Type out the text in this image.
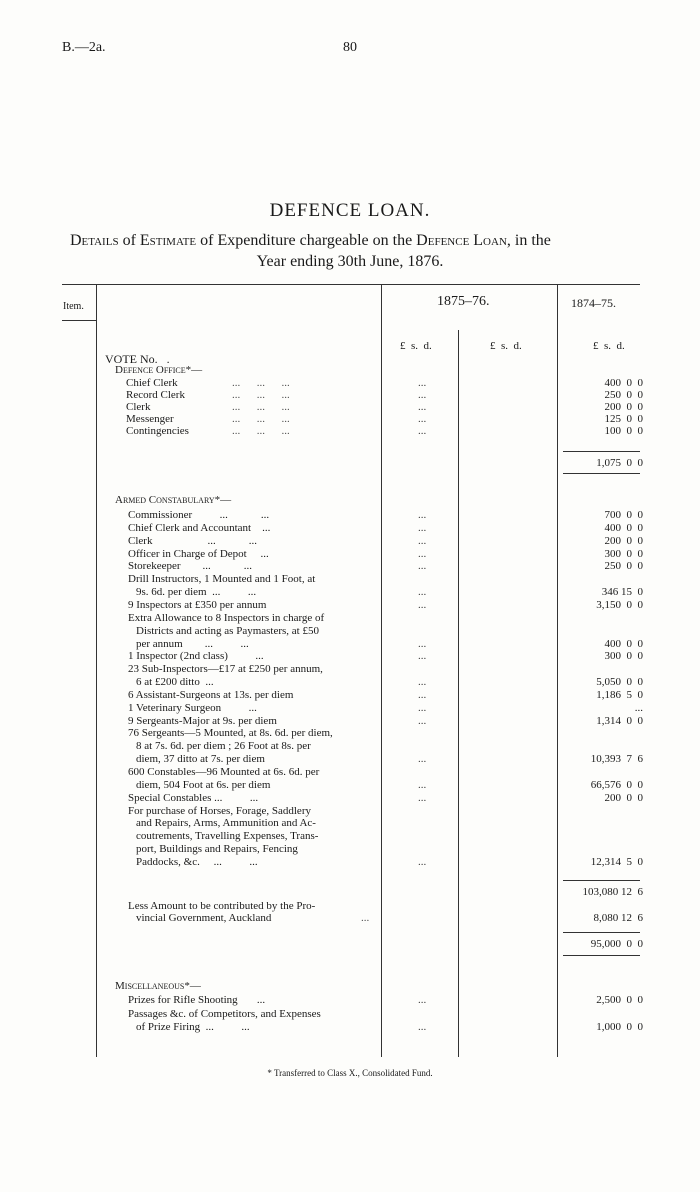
B.—2a.	80
DEFENCE LOAN.
Details of Estimate of Expenditure chargeable on the Defence Loan, in the
Year ending 30th June, 1876.
Item.	1875–76.	1874–75.
£  s.  d.	£  s.  d.	£  s.  d.
VOTE No.   .
Defence Office*—
Chief Clerk	...      ...      ...	...	400  0  0
Record Clerk	...      ...      ...	...	250  0  0
Clerk	...      ...      ...	...	200  0  0
Messenger	...      ...      ...	...	125  0  0
Contingencies	...      ...      ...	...	100  0  0
1,075  0  0
Armed Constabulary*—
Commissioner          ...            ...	...	700  0  0
Chief Clerk and Accountant    ...	...	400  0  0
Clerk                    ...            ...	...	200  0  0
Officer in Charge of Depot     ...	...	300  0  0
Storekeeper        ...            ...	...	250  0  0
Drill Instructors, 1 Mounted and 1 Foot, at
9s. 6d. per diem  ...          ...	...	346 15  0
9 Inspectors at £350 per annum	...	3,150  0  0
Extra Allowance to 8 Inspectors in charge of
Districts and acting as Paymasters, at £50
per annum        ...          ...	...	400  0  0
1 Inspector (2nd class)          ...	...	300  0  0
23 Sub-Inspectors—£17 at £250 per annum,
6 at £200 ditto  ...	...	5,050  0  0
6 Assistant-Surgeons at 13s. per diem	...	1,186  5  0
1 Veterinary Surgeon          ...	...	...
9 Sergeants-Major at 9s. per diem	...	1,314  0  0
76 Sergeants—5 Mounted, at 8s. 6d. per diem,
8 at 7s. 6d. per diem ; 26 Foot at 8s. per
diem, 37 ditto at 7s. per diem	...	10,393  7  6
600 Constables—96 Mounted at 6s. 6d. per
diem, 504 Foot at 6s. per diem	...	66,576  0  0
Special Constables ...          ...	...	200  0  0
For purchase of Horses, Forage, Saddlery
and Repairs, Arms, Ammunition and Ac-
coutrements, Travelling Expenses, Trans-
port, Buildings and Repairs, Fencing
Paddocks, &c.     ...          ...	...	12,314  5  0
103,080 12  6
Less Amount to be contributed by the Pro-
vincial Government, Auckland	...	8,080 12  6
95,000  0  0
Miscellaneous*—
Prizes for Rifle Shooting       ...	...	2,500  0  0
Passages &c. of Competitors, and Expenses
of Prize Firing  ...          ...	...	1,000  0  0
* Transferred to Class X., Consolidated Fund.
